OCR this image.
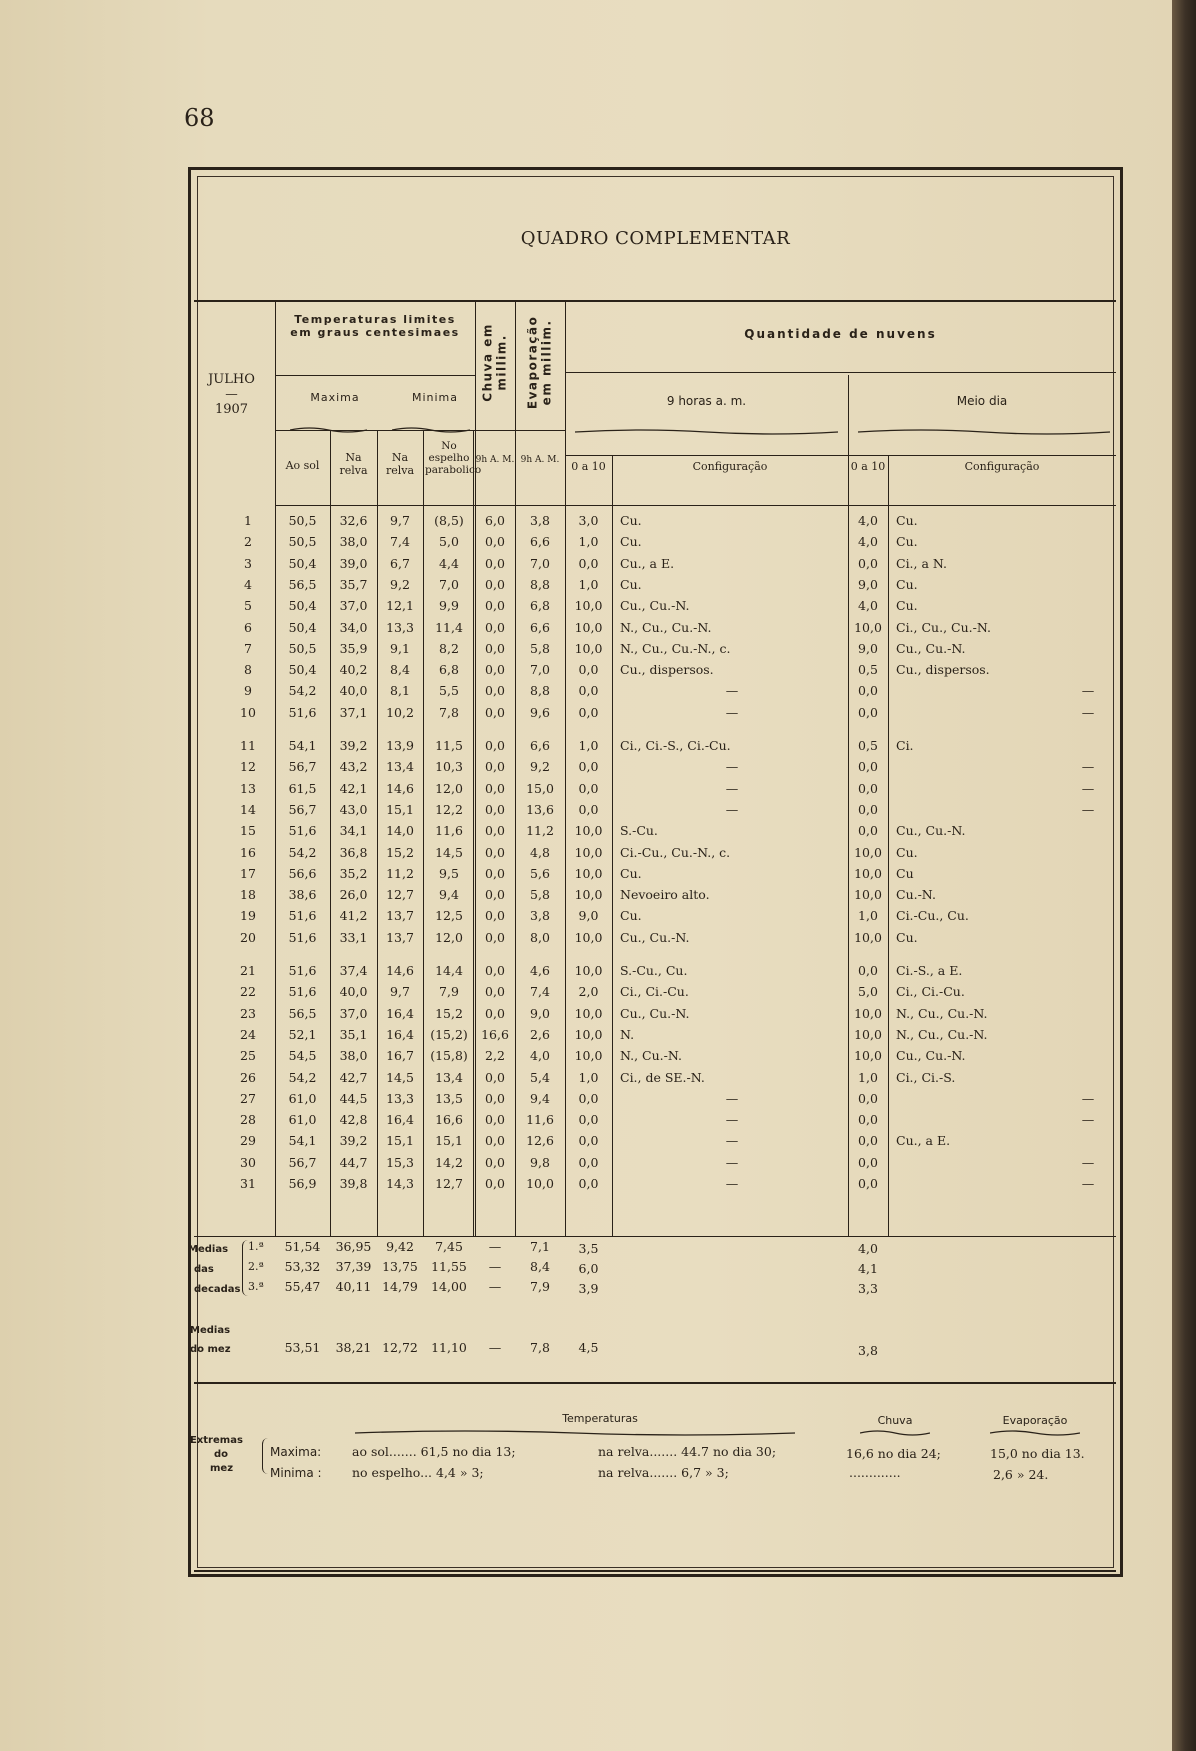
68
QUADRO COMPLEMENTAR
JULHO
—
1907
Temperaturas limites em graus centesimaes
Maxima	Minima
Ao sol
Na relva
Na relva
No espelho parabolico
Chuva em millim. Evaporação em millim.
9h A. M. 9h A. M.
Quantidade de nuvens
9 horas a. m.	Meio dia
0 a 10	Configuração	0 a 10	Configuração
1	50,5	32,6	9,7	(8,5)	6,0	3,8	3,0	Cu.	4,0	Cu.
2	50,5	38,0	7,4	5,0	0,0	6,6	1,0	Cu.	4,0	Cu.
3	50,4	39,0	6,7	4,4	0,0	7,0	0,0	Cu., a E.	0,0	Ci., a N.
4	56,5	35,7	9,2	7,0	0,0	8,8	1,0	Cu.	9,0	Cu.
5	50,4	37,0	12,1	9,9	0,0	6,8	10,0	Cu., Cu.-N.	4,0	Cu.
6	50,4	34,0	13,3	11,4	0,0	6,6	10,0	N., Cu., Cu.-N.	10,0	Ci., Cu., Cu.-N.
7	50,5	35,9	9,1	8,2	0,0	5,8	10,0	N., Cu., Cu.-N., c.	9,0	Cu., Cu.-N.
8	50,4	40,2	8,4	6,8	0,0	7,0	0,0	Cu., dispersos.	0,5	Cu., dispersos.
9	54,2	40,0	8,1	5,5	0,0	8,8	0,0	—	0,0	—
10	51,6	37,1	10,2	7,8	0,0	9,6	0,0	—	0,0	—
11	54,1	39,2	13,9	11,5	0,0	6,6	1,0	Ci., Ci.-S., Ci.-Cu.	0,5	Ci.
12	56,7	43,2	13,4	10,3	0,0	9,2	0,0	—	0,0	—
13	61,5	42,1	14,6	12,0	0,0	15,0	0,0	—	0,0	—
14	56,7	43,0	15,1	12,2	0,0	13,6	0,0	—	0,0	—
15	51,6	34,1	14,0	11,6	0,0	11,2	10,0	S.-Cu.	0,0	Cu., Cu.-N.
16	54,2	36,8	15,2	14,5	0,0	4,8	10,0	Ci.-Cu., Cu.-N., c.	10,0	Cu.
17	56,6	35,2	11,2	9,5	0,0	5,6	10,0	Cu.	10,0	Cu
18	38,6	26,0	12,7	9,4	0,0	5,8	10,0	Nevoeiro alto.	10,0	Cu.-N.
19	51,6	41,2	13,7	12,5	0,0	3,8	9,0	Cu.	1,0	Ci.-Cu., Cu.
20	51,6	33,1	13,7	12,0	0,0	8,0	10,0	Cu., Cu.-N.	10,0	Cu.
21	51,6	37,4	14,6	14,4	0,0	4,6	10,0	S.-Cu., Cu.	0,0	Ci.-S., a E.
22	51,6	40,0	9,7	7,9	0,0	7,4	2,0	Ci., Ci.-Cu.	5,0	Ci., Ci.-Cu.
23	56,5	37,0	16,4	15,2	0,0	9,0	10,0	Cu., Cu.-N.	10,0	N., Cu., Cu.-N.
24	52,1	35,1	16,4	(15,2)	16,6	2,6	10,0	N.	10,0	N., Cu., Cu.-N.
25	54,5	38,0	16,7	(15,8)	2,2	4,0	10,0	N., Cu.-N.	10,0	Cu., Cu.-N.
26	54,2	42,7	14,5	13,4	0,0	5,4	1,0	Ci., de SE.-N.	1,0	Ci., Ci.-S.
27	61,0	44,5	13,3	13,5	0,0	9,4	0,0	—	0,0	—
28	61,0	42,8	16,4	16,6	0,0	11,6	0,0	—	0,0	—
29	54,1	39,2	15,1	15,1	0,0	12,6	0,0	—	0,0	Cu., a E.
30	56,7	44,7	15,3	14,2	0,0	9,8	0,0	—	0,0	—
31	56,9	39,8	14,3	12,7	0,0	10,0	0,0	—	0,0	—
Medias
das
decadas
1.ª	51,54	36,95	9,42	7,45	—	7,1	3,5	4,0
2.ª	53,32	37,39 13,75	11,55	—	8,4	6,0	4,1
3.ª	55,47	40,11 14,79	14,00	—	7,9	3,9	3,3
Medias
do mez	53,51	38,21 12,72	11,10	—	7,8	4,5	3,8
Extremas
do
mez
Temperaturas	Chuva	Evaporação
Maxima:
Minima :
ao sol....... 61,5 no dia 13;	na relva....... 44.7 no dia 30;	16,6 no dia 24;	15,0 no dia 13.
no espelho... 4,4 » 3;	na relva....... 6,7 » 3;	.............	2,6 » 24.
